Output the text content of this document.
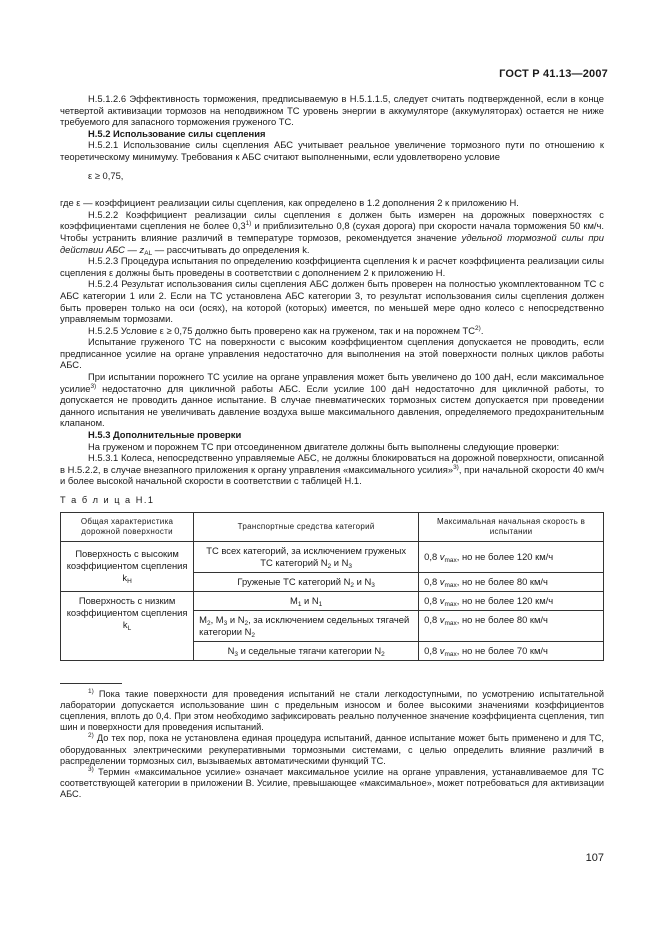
ГОСТ Р 41.13—2007

Н.5.1.2.6 Эффективность торможения, предписываемую в Н.5.1.1.5, следует считать подтвержденной, если в конце четвертой активизации тормозов на неподвижном ТС уровень энергии в аккумуляторе (аккумуляторах) остается не ниже требуемого для запасного торможения груженого ТС.

Н.5.2 Использование силы сцепления

Н.5.2.1 Использование силы сцепления АБС учитывает реальное увеличение тормозного пути по отношению к теоретическому минимуму. Требования к АБС считают выполненными, если удовлетворено условие

ε ≥ 0,75,

где ε — коэффициент реализации силы сцепления, как определено в 1.2 дополнения 2 к приложению Н.

Н.5.2.2 Коэффициент реализации силы сцепления ε должен быть измерен на дорожных поверхностях с коэффициентами сцепления не более 0,3$^{1)}$ и приблизительно 0,8 (сухая дорога) при скорости начала торможения 50 км/ч. Чтобы устранить влияние различий в температуре тормозов, рекомендуется значение удельной тормозной силы при действии АБС — $z_{AL}$ — рассчитывать до определения k.

Н.5.2.3 Процедура испытания по определению коэффициента сцепления k и расчет коэффициента реализации силы сцепления ε должны быть проведены в соответствии с дополнением 2 к приложению Н.

Н.5.2.4 Результат использования силы сцепления АБС должен быть проверен на полностью укомплектованном ТС с АБС категории 1 или 2. Если на ТС установлена АБС категории 3, то результат использования силы сцепления должен быть проверен только на оси (осях), на которой (которых) имеется, по меньшей мере одно колесо с непосредственно управляемым тормозами.

Н.5.2.5 Условие ε ≥ 0,75 должно быть проверено как на груженом, так и на порожнем ТС$^{2)}$.

Испытание груженого ТС на поверхности с высоким коэффициентом сцепления допускается не проводить, если предписанное усилие на органе управления недостаточно для выполнения на этой поверхности полных циклов работы АБС.

При испытании порожнего ТС усилие на органе управления может быть увеличено до 100 даН, если максимальное усилие$^{3)}$ недостаточно для цикличной работы АБС. Если усилие 100 даН недостаточно для цикличной работы, то допускается не проводить данное испытание. В случае пневматических тормозных систем допускается при проведении данного испытания не увеличивать давление воздуха выше максимального давления, определяемого предохранительным клапаном.

Н.5.3 Дополнительные проверки

На груженом и порожнем ТС при отсоединенном двигателе должны быть выполнены следующие проверки:

Н.5.3.1 Колеса, непосредственно управляемые АБС, не должны блокироваться на дорожной поверхности, описанной в Н.5.2.2, в случае внезапного приложения к органу управления «максимального усилия»$^{3)}$, при начальной скорости 40 км/ч и более высокой начальной скорости в соответствии с таблицей Н.1.

Т а б л и ц а Н.1

Общая характеристика дорожной поверхности	Транспортные средства категорий	Максимальная начальная скорость в испытании
Поверхность с высоким коэффициентом сцепления $k_H$	ТС всех категорий, за исключением груженых ТС категорий $N_2$ и $N_3$	0,8 $v_{max}$, но не более 120 км/ч
	Груженые ТС категорий $N_2$ и $N_3$	0,8 $v_{max}$, но не более 80 км/ч
Поверхность с низким коэффициентом сцепления $k_L$	$M_1$ и $N_1$	0,8 $v_{max}$, но не более 120 км/ч
	$M_2$, $M_3$ и $N_2$, за исключением седельных тягачей категории $N_2$	0,8 $v_{max}$, но не более 80 км/ч
	$N_3$ и седельные тягачи категории $N_2$	0,8 $v_{max}$, но не более 70 км/ч

$^{1)}$ Пока такие поверхности для проведения испытаний не стали легкодоступными, по усмотрению испытательной лаборатории допускается использование шин с предельным износом и более высокими значениями коэффициентов сцепления, вплоть до 0,4. При этом необходимо зафиксировать реально полученное значение коэффициента сцепления, тип шин и поверхности для проведения испытаний.

$^{2)}$ До тех пор, пока не установлена единая процедура испытаний, данное испытание может быть применено и для ТС, оборудованных электрическими рекуперативными тормозными системами, с целью определить влияние различий в распределении тормозных сил, вызываемых автоматическими функций ТС.

$^{3)}$ Термин «максимальное усилие» означает максимальное усилие на органе управления, устанавливаемое для ТС соответствующей категории в приложении В. Усилие, превышающее «максимальное», может потребоваться для активизации АБС.

107
